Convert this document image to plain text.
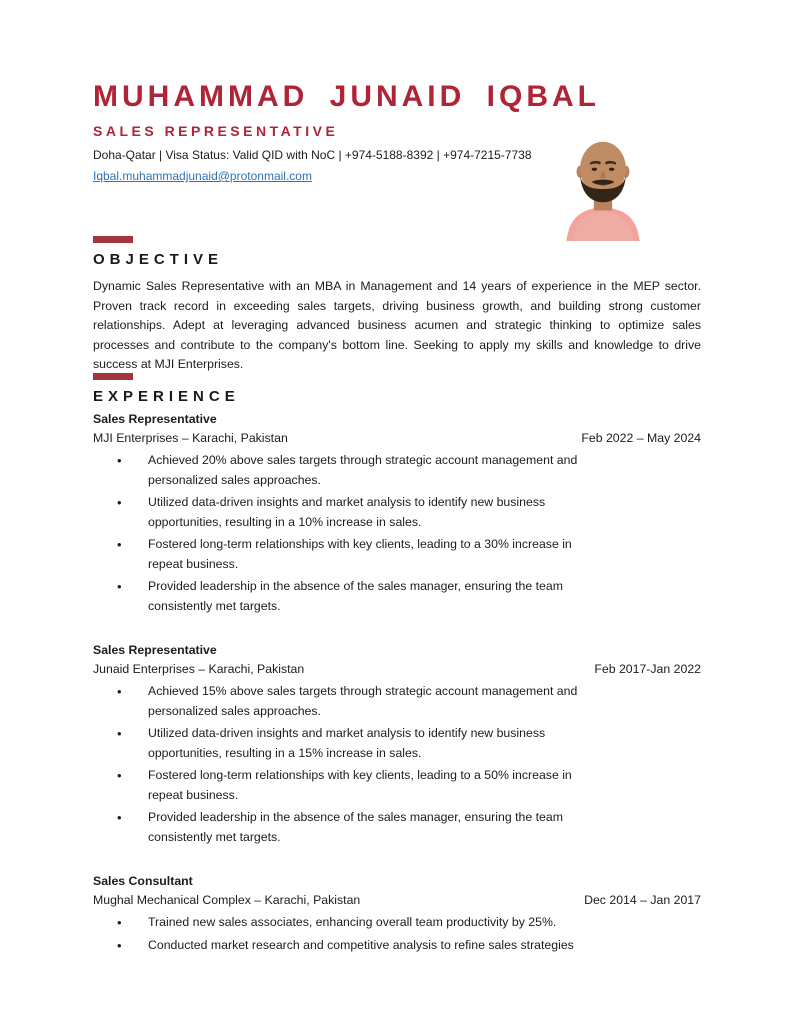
MUHAMMAD JUNAID IQBAL
SALES REPRESENTATIVE
Doha-Qatar | Visa Status: Valid QID with NoC | +974-5188-8392 | +974-7215-7738
Iqbal.muhammadjunaid@protonmail.com
OBJECTIVE

Dynamic Sales Representative with an MBA in Management and 14 years of experience in the MEP sector. Proven track record in exceeding sales targets, driving business growth, and building strong customer relationships. Adept at leveraging advanced business acumen and strategic thinking to optimize sales processes and contribute to the company's bottom line. Seeking to apply my skills and knowledge to drive success at MJI Enterprises.

EXPERIENCE
Sales Representative
MJI Enterprises – Karachi, Pakistan	Feb 2022 – May 2024
• Achieved 20% above sales targets through strategic account management and personalized sales approaches.
• Utilized data-driven insights and market analysis to identify new business opportunities, resulting in a 10% increase in sales.
• Fostered long-term relationships with key clients, leading to a 30% increase in repeat business.
• Provided leadership in the absence of the sales manager, ensuring the team consistently met targets.
Sales Representative
Junaid Enterprises – Karachi, Pakistan	Feb 2017-Jan 2022
• Achieved 15% above sales targets through strategic account management and personalized sales approaches.
• Utilized data-driven insights and market analysis to identify new business opportunities, resulting in a 15% increase in sales.
• Fostered long-term relationships with key clients, leading to a 50% increase in repeat business.
• Provided leadership in the absence of the sales manager, ensuring the team consistently met targets.
Sales Consultant
Mughal Mechanical Complex – Karachi, Pakistan	Dec 2014 – Jan 2017
• Trained new sales associates, enhancing overall team productivity by 25%.
• Conducted market research and competitive analysis to refine sales strategies
